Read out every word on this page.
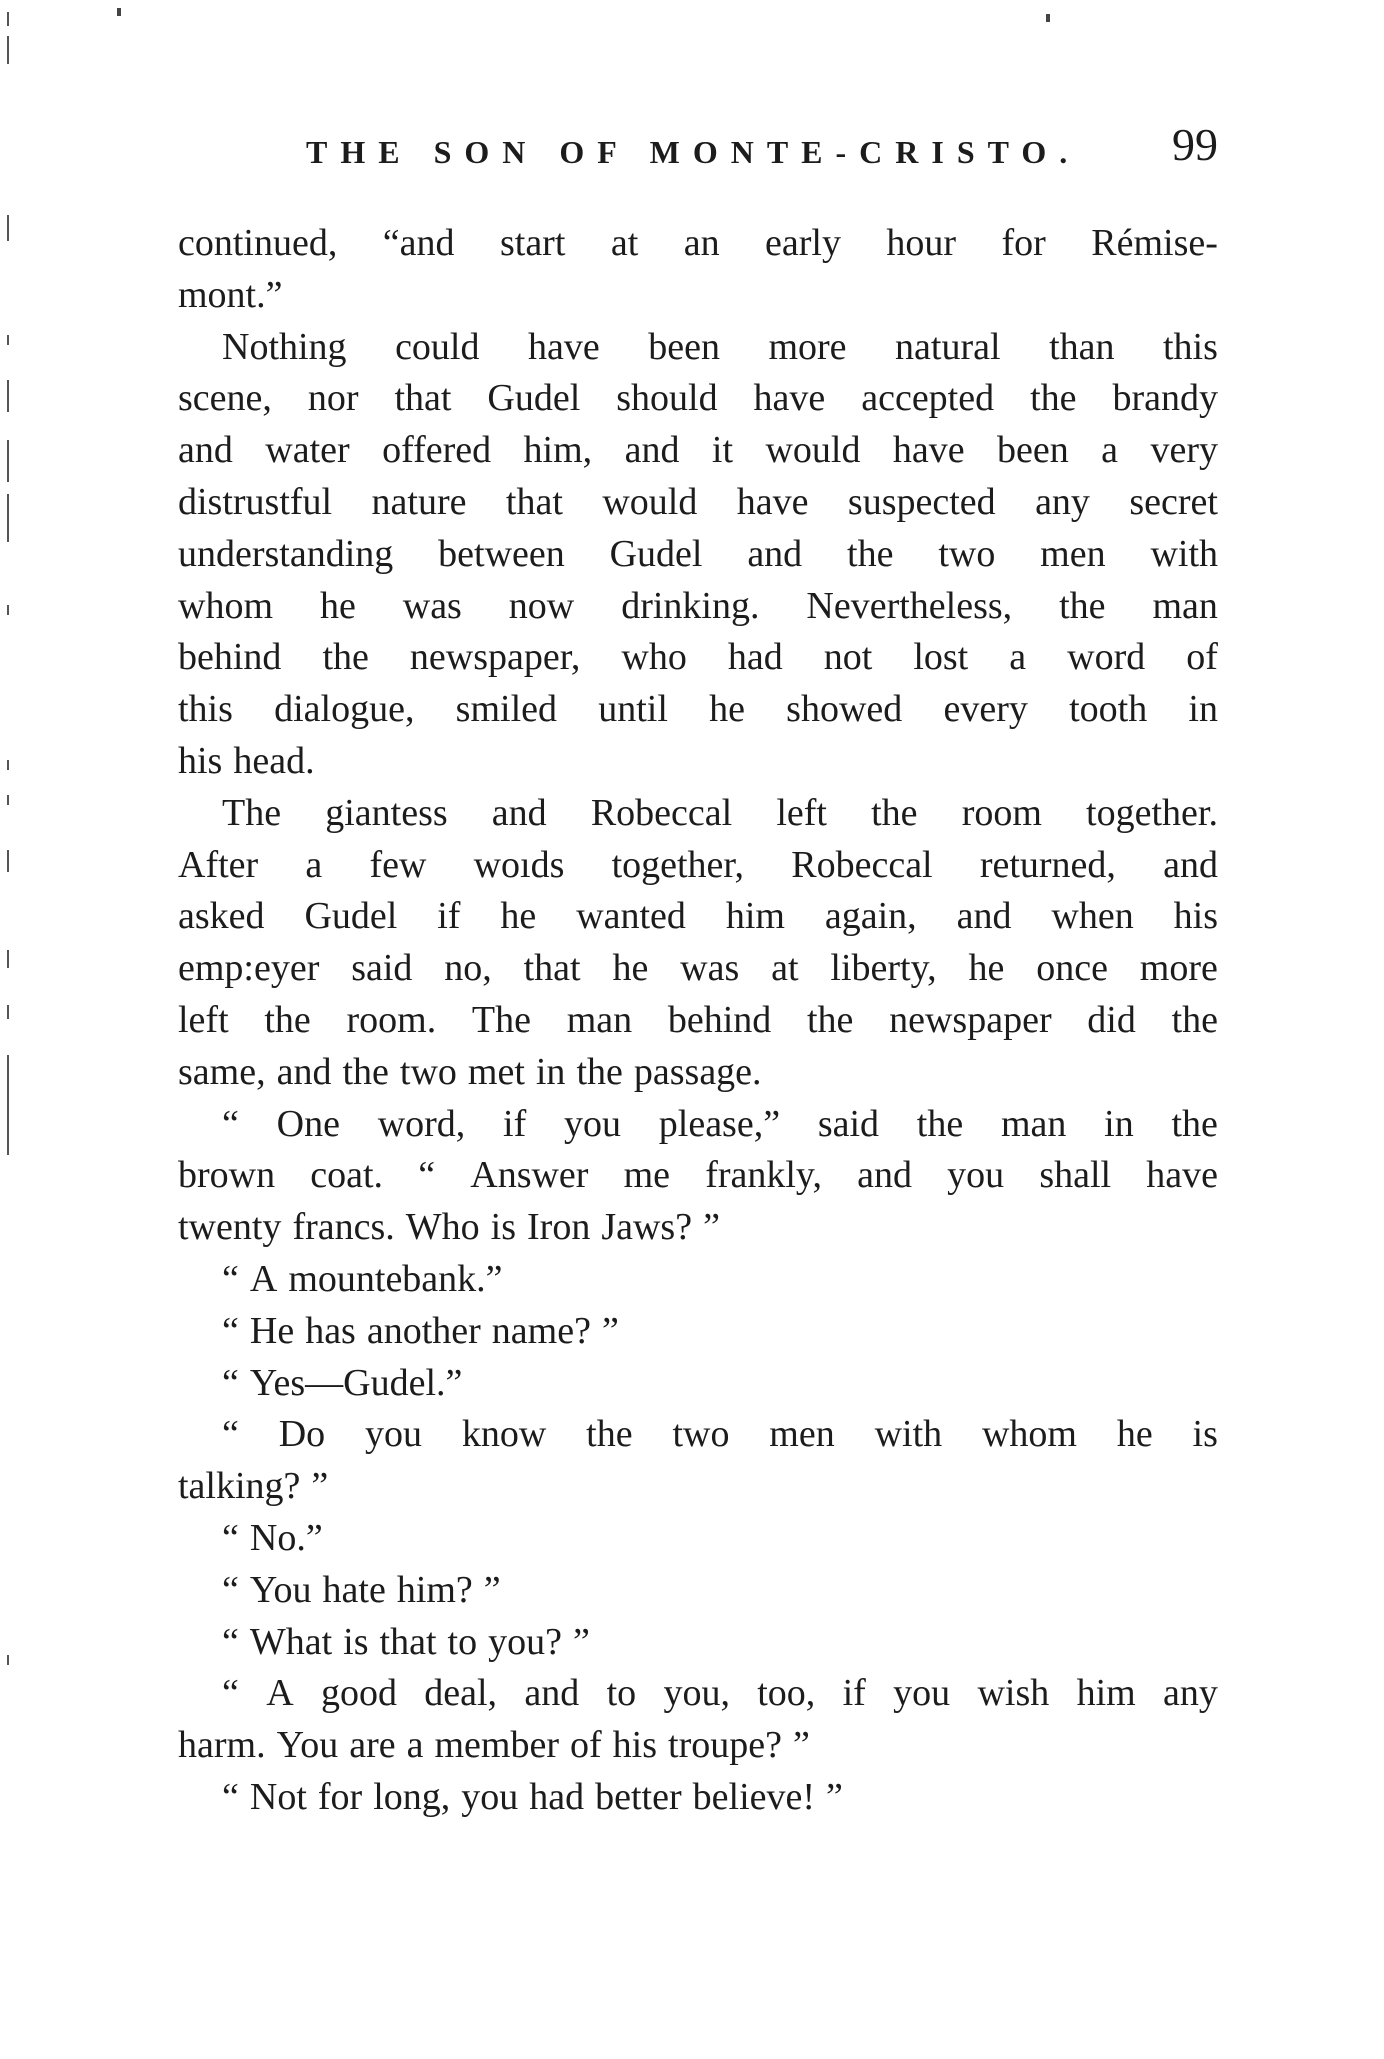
THE SON OF MONTE-CRISTO. 99
continued, “and start at an early hour for Rémise-
mont.”
Nothing could have been more natural than this
scene, nor that Gudel should have accepted the brandy
and water offered him, and it would have been a very
distrustful nature that would have suspected any secret
understanding between Gudel and the two men with
whom he was now drinking. Nevertheless, the man
behind the newspaper, who had not lost a word of
this dialogue, smiled until he showed every tooth in
his head.
The giantess and Robeccal left the room together.
After a few woıds together, Robeccal returned, and
asked Gudel if he wanted him again, and when his
emp:eyer said no, that he was at liberty, he once more
left the room. The man behind the newspaper did the
same, and the two met in the passage.
“ One word, if you please,” said the man in the
brown coat. “ Answer me frankly, and you shall have
twenty francs. Who is Iron Jaws? ”
“ A mountebank.”
“ He has another name? ”
“ Yes—Gudel.”
“ Do you know the two men with whom he is
talking? ”
“ No.”
“ You hate him? ”
“ What is that to you? ”
“ A good deal, and to you, too, if you wish him any
harm. You are a member of his troupe? ”
“ Not for long, you had better believe! ”
